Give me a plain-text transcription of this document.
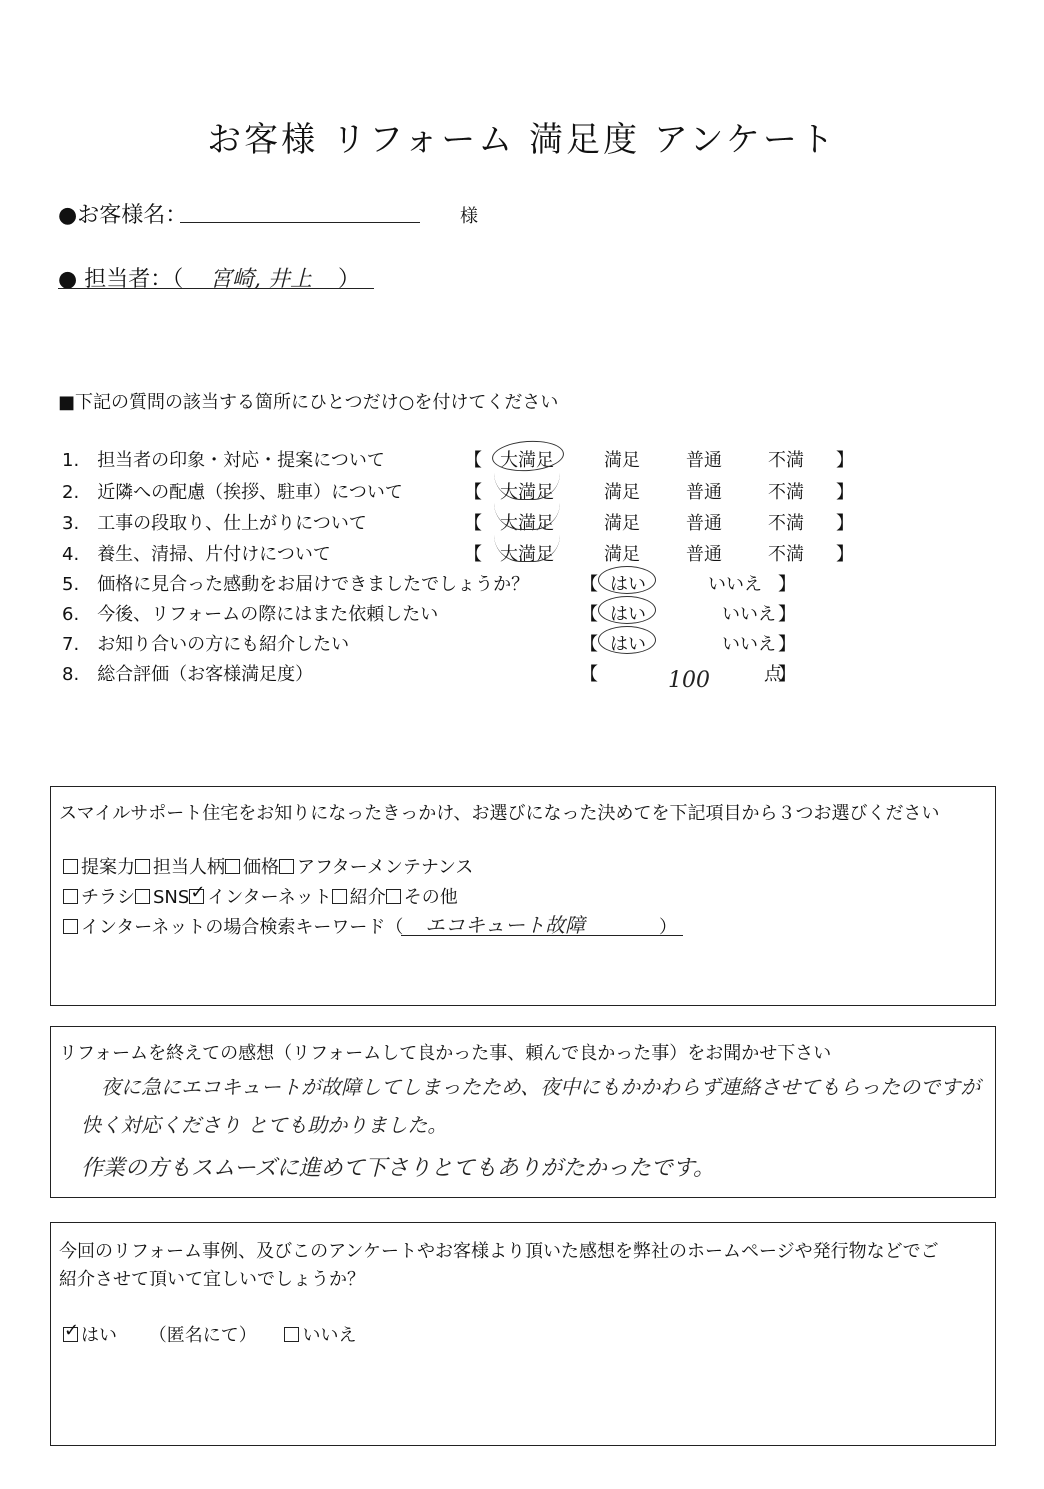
お客様 リフォーム 満足度 アンケート
●お客様名：	様
● 担当者：（ 宮崎, 井上 ）
■下記の質問の該当する箇所にひとつだけ○を付けてください
1.　 担当者の印象・対応・提案について
2.　 近隣への配慮（挨拶、駐車）について
3.　 工事の段取り、仕上がりについて
4.　 養生、清掃、片付けについて
【 大満足	満足	普通	不満 】
【 大満足	満足	普通	不満 】
【 大満足	満足	普通	不満 】
【 大満足	満足	普通	不満 】
5.　 価格に見合った感動をお届けできましたでしょうか？
6.　 今後、リフォームの際にはまた依頼したい
7.　 お知り合いの方にも紹介したい
8.　 総合評価（お客様満足度）
【 はい	いいえ 】
【 はい	いいえ 】
【 はい	いいえ 】
【	100	点
】
スマイルサポート住宅をお知りになったきっかけ、お選びになった決めてを下記項目から３つお選びください
提案力 担当人柄 価格 アフターメンテナンス
チラシ SNS✓ インターネット 紹介 その他
インターネットの場合検索キーワード（ エコキュート故障	）
リフォームを終えての感想（リフォームして良かった事、頼んで良かった事）をお聞かせ下さい
夜に急にエコキュートが故障してしまったため、夜中にもかかわらず連絡させてもらったのですが
快く対応くださり とても助かりました。
作業の方もスムーズに進めて下さりとてもありがたかったです。
今回のリフォーム事例、及びこのアンケートやお客様より頂いた感想を弊社のホームページや発行物などでご
紹介させて頂いて宜しいでしょうか？
✓はい （匿名にて）	いいえ
